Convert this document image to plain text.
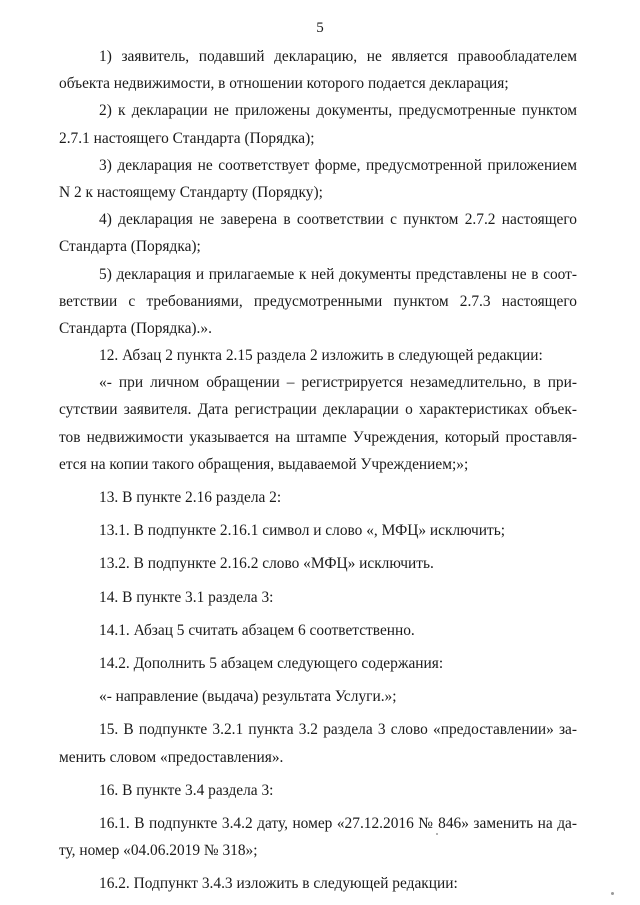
5
1) заявитель, подавший декларацию, не является правообладателем
объекта недвижимости, в отношении которого подается декларация;
2) к декларации не приложены документы, предусмотренные пунктом
2.7.1 настоящего Стандарта (Порядка);
3) декларация не соответствует форме, предусмотренной приложением
N 2 к настоящему Стандарту (Порядку);
4) декларация не заверена в соответствии с пунктом 2.7.2 настоящего
Стандарта (Порядка);
5) декларация и прилагаемые к ней документы представлены не в соот-
ветствии с требованиями, предусмотренными пунктом 2.7.3 настоящего
Стандарта (Порядка).».
12. Абзац 2 пункта 2.15 раздела 2 изложить в следующей редакции:
«- при личном обращении – регистрируется незамедлительно, в при-
сутствии заявителя. Дата регистрации декларации о характеристиках объек-
тов недвижимости указывается на штампе Учреждения, который проставля-
ется на копии такого обращения, выдаваемой Учреждением;»;
13. В пункте 2.16 раздела 2:
13.1. В подпункте 2.16.1 символ и слово «, МФЦ» исключить;
13.2. В подпункте 2.16.2 слово «МФЦ» исключить.
14. В пункте 3.1 раздела 3:
14.1. Абзац 5 считать абзацем 6 соответственно.
14.2. Дополнить 5 абзацем следующего содержания:
«- направление (выдача) результата Услуги.»;
15. В подпункте 3.2.1 пункта 3.2 раздела 3 слово «предоставлении» за-
менить словом «предоставления».
16. В пункте 3.4 раздела 3:
16.1. В подпункте 3.4.2 дату, номер «27.12.2016 № 846» заменить на да-
ту, номер «04.06.2019 № 318»;
16.2. Подпункт 3.4.3 изложить в следующей редакции:
